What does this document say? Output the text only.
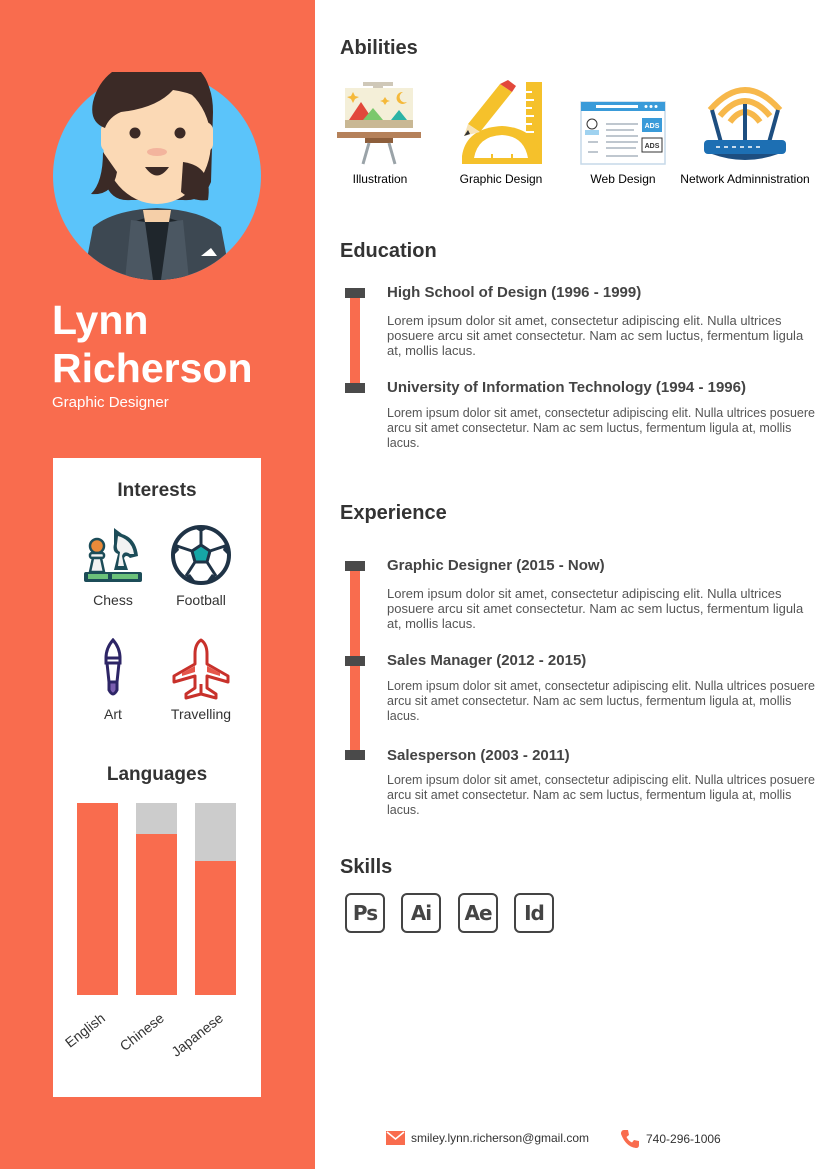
Lynn
Richerson
Graphic Designer
Interests
Chess	Football
Art	Travelling
Languages
English Chinese Japanese
Abilities
Illustration	Graphic Design
ADS
ADS
Web Design	Network Adminnistration
Education
High School of Design (1996 - 1999)
Lorem ipsum dolor sit amet, consectetur adipiscing elit. Nulla ultrices posuere arcu sit amet consectetur. Nam ac sem luctus, fermentum ligula at, mollis lacus.
University of Information Technology (1994 - 1996)
Lorem ipsum dolor sit amet, consectetur adipiscing elit. Nulla ultrices posuere arcu sit amet consectetur. Nam ac sem luctus, fermentum ligula at, mollis lacus.
Experience
Graphic Designer (2015 - Now)
Lorem ipsum dolor sit amet, consectetur adipiscing elit. Nulla ultrices posuere arcu sit amet consectetur. Nam ac sem luctus, fermentum ligula at, mollis lacus.
Sales Manager (2012 - 2015)
Lorem ipsum dolor sit amet, consectetur adipiscing elit. Nulla ultrices posuere arcu sit amet consectetur. Nam ac sem luctus, fermentum ligula at, mollis lacus.
Salesperson (2003 - 2011)
Lorem ipsum dolor sit amet, consectetur adipiscing elit. Nulla ultrices posuere arcu sit amet consectetur. Nam ac sem luctus, fermentum ligula at, mollis lacus.
Skills
Ps	Ai	Ae	Id
smiley.lynn.richerson@gmail.com	740-296-1006
